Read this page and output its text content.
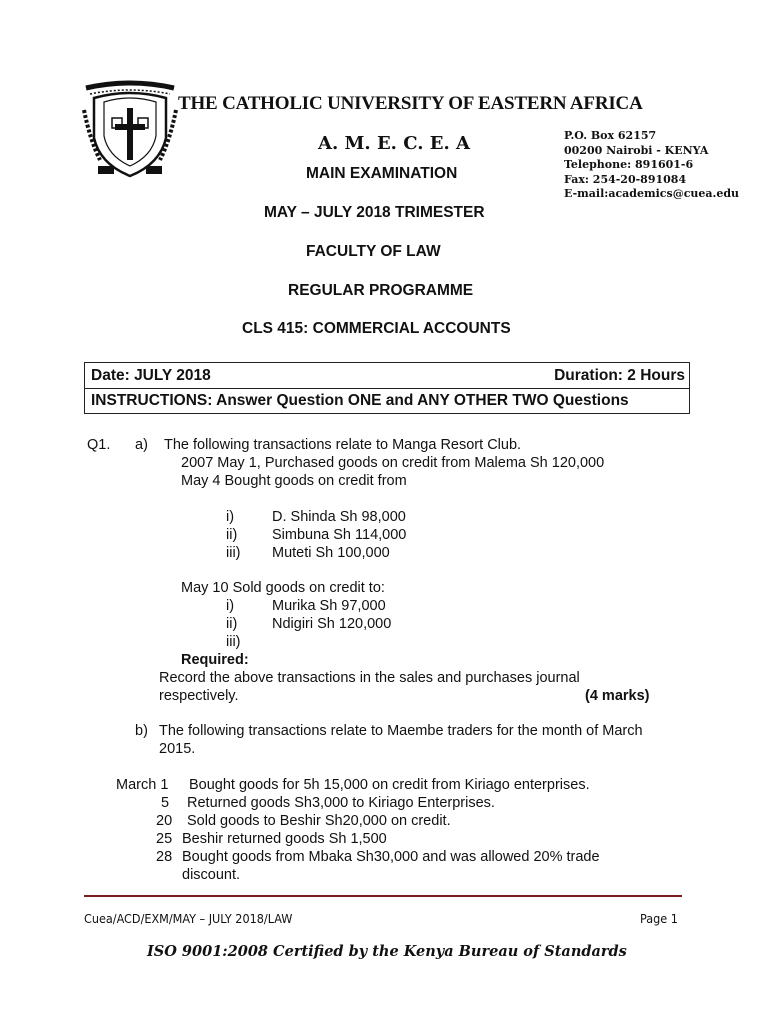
THE CATHOLIC UNIVERSITY OF EASTERN AFRICA
A. M. E. C. E. A	P.O. Box 62157
00200 Nairobi - KENYA
Telephone: 891601-6
Fax: 254-20-891084
E-mail:academics@cuea.edu
MAIN EXAMINATION
MAY – JULY 2018 TRIMESTER
FACULTY OF LAW
REGULAR PROGRAMME
CLS 415: COMMERCIAL ACCOUNTS
Date: JULY 2018	Duration: 2 Hours
INSTRUCTIONS: Answer Question ONE and ANY OTHER TWO Questions
Q1. a) The following transactions relate to Manga Resort Club.
2007 May 1, Purchased goods on credit from Malema Sh 120,000
May 4 Bought goods on credit from
i)	D. Shinda Sh 98,000
ii) Simbuna Sh 114,000
iii) Muteti Sh 100,000
May 10 Sold goods on credit to:
i)	Murika Sh 97,000
ii) Ndigiri Sh 120,000
iii)
Required:
Record the above transactions in the sales and purchases journal
respectively.	(4 marks)
b) The following transactions relate to Maembe traders for the month of March
2015.
March 1 Bought goods for 5h 15,000 on credit from Kiriago enterprises.
5 Returned goods Sh3,000 to Kiriago Enterprises.
20 Sold goods to Beshir Sh20,000 on credit.
25 Beshir returned goods Sh 1,500
28 Bought goods from Mbaka Sh30,000 and was allowed 20% trade
discount.
Cuea/ACD/EXM/MAY – JULY 2018/LAW	Page 1
ISO 9001:2008 Certified by the Kenya Bureau of Standards
